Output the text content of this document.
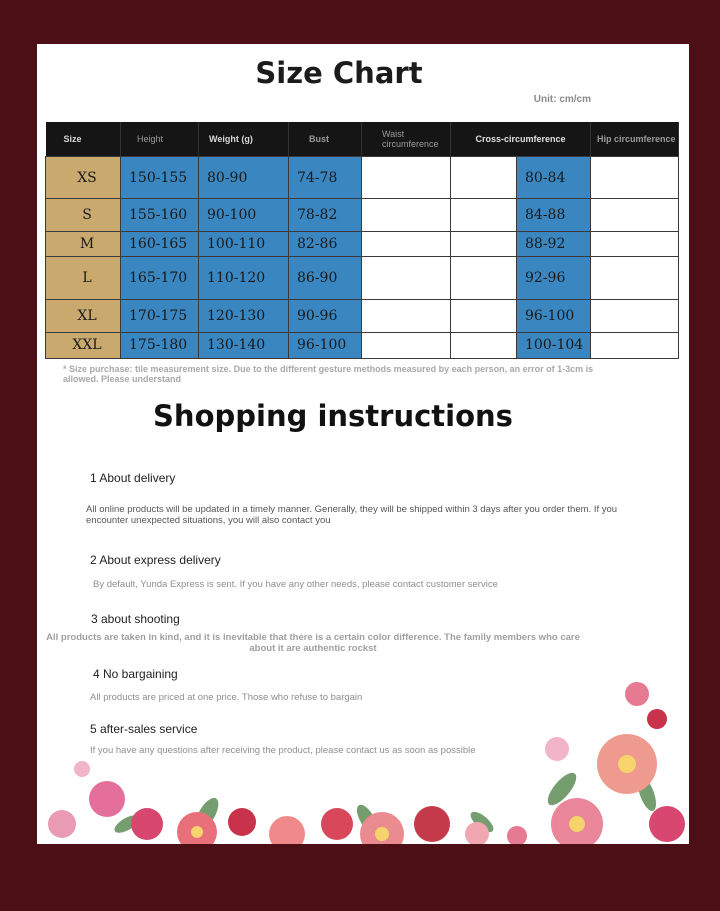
Size Chart
Unit: cm/cm
Size	Height	Weight (g)	Bust	Waist circumference	Cross-circumference		Hip circumference
XS	150-155	80-90	74-78			80-84	
S	155-160	90-100	78-82			84-88	
M	160-165	100-110	82-86			88-92	
L	165-170	110-120	86-90			92-96	
XL	170-175	120-130	90-96			96-100	
XXL	175-180	130-140	96-100			100-104	
* Size purchase: tile measurement size. Due to the different gesture methods measured by each person, an error of 1-3cm is allowed. Please understand
Shopping instructions
1 About delivery
All online products will be updated in a timely manner. Generally, they will be shipped within 3 days after you order them. If you encounter unexpected situations, you will also contact you
2 About express delivery
By default, Yunda Express is sent. If you have any other needs, please contact customer service
3 about shooting
All products are taken in kind, and it is inevitable that there is a certain color difference. The family members who care about it are authentic rockst
4 No bargaining
All products are priced at one price. Those who refuse to bargain
5 after-sales service
If you have any questions after receiving the product, please contact us as soon as possible
